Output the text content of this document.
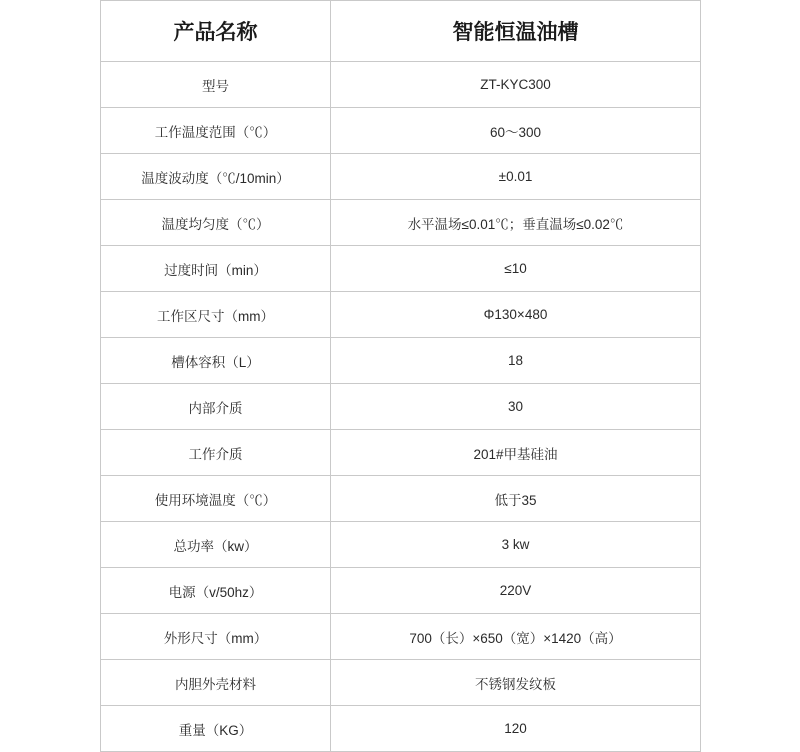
产品名称	智能恒温油槽
型号	ZT-KYC300
工作温度范围（℃）	60～300
温度波动度（℃/10min）	±0.01
温度均匀度（℃）	水平温场≤0.01℃；垂直温场≤0.02℃
过度时间（min）	≤10
工作区尺寸（mm）	Φ130×480
槽体容积（L）	18
内部介质	30
工作介质	201#甲基硅油
使用环境温度（℃）	低于35
总功率（kw）	3 kw
电源（v/50hz）	220V
外形尺寸（mm）	700（长）×650（宽）×1420（高）
内胆外壳材料	不锈钢发纹板
重量（KG）	120
